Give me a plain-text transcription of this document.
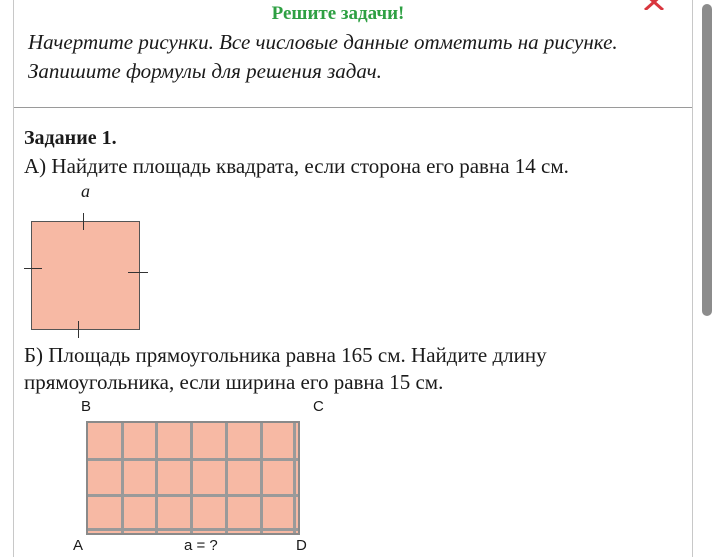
Решите задачи!
Начертите рисунки. Все числовые данные отметить на рисунке.
Запишите формулы для решения задач.
Задание 1.
А) Найдите площадь квадрата, если сторона его равна 14 см.
a
Б) Площадь прямоугольника равна 165 см. Найдите длину
прямоугольника, если ширина его равна 15 см.
B	C
A	a = ?	D
